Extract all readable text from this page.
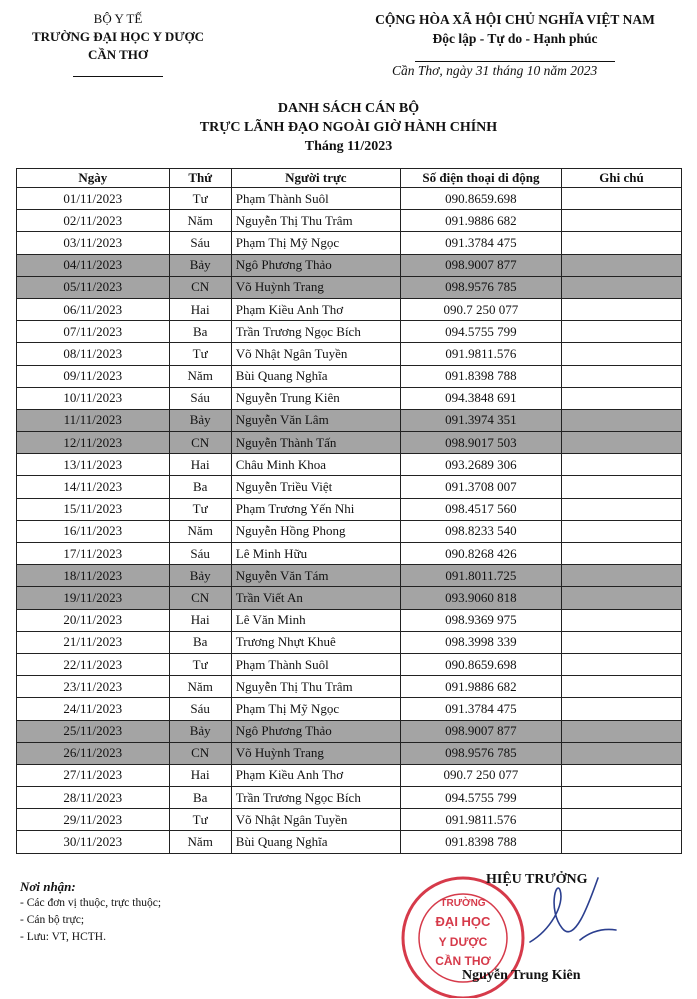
BỘ Y TẾ
TRƯỜNG ĐẠI HỌC Y DƯỢC CẦN THƠ
CỘNG HÒA XÃ HỘI CHỦ NGHĨA VIỆT NAM
Độc lập - Tự do - Hạnh phúc
Cần Thơ, ngày 31 tháng 10 năm 2023
DANH SÁCH CÁN BỘ
TRỰC LÃNH ĐẠO NGOÀI GIỜ HÀNH CHÍNH
Tháng 11/2023
Ngày	Thứ	Người trực	Số điện thoại di động	Ghi chú
01/11/2023	Tư	Phạm Thành Suôl	090.8659.698	
02/11/2023	Năm	Nguyễn Thị Thu Trâm	091.9886 682	
03/11/2023	Sáu	Phạm Thị Mỹ Ngọc	091.3784 475	
04/11/2023	Bảy	Ngô Phương Thảo	098.9007 877	
05/11/2023	CN	Võ Huỳnh Trang	098.9576 785	
06/11/2023	Hai	Phạm Kiều Anh Thơ	090.7 250 077	
07/11/2023	Ba	Trần Trương Ngọc Bích	094.5755 799	
08/11/2023	Tư	Võ Nhật Ngân Tuyền	091.9811.576	
09/11/2023	Năm	Bùi Quang Nghĩa	091.8398 788	
10/11/2023	Sáu	Nguyễn Trung Kiên	094.3848 691	
11/11/2023	Bảy	Nguyễn Văn Lâm	091.3974 351	
12/11/2023	CN	Nguyễn Thành Tấn	098.9017 503	
13/11/2023	Hai	Châu Minh Khoa	093.2689 306	
14/11/2023	Ba	Nguyễn Triều Việt	091.3708 007	
15/11/2023	Tư	Phạm Trương Yến Nhi	098.4517 560	
16/11/2023	Năm	Nguyễn Hồng Phong	098.8233 540	
17/11/2023	Sáu	Lê Minh Hữu	090.8268 426	
18/11/2023	Bảy	Nguyễn Văn Tám	091.8011.725	
19/11/2023	CN	Trần Viết An	093.9060 818	
20/11/2023	Hai	Lê Văn Minh	098.9369 975	
21/11/2023	Ba	Trương Nhựt Khuê	098.3998 339	
22/11/2023	Tư	Phạm Thành Suôl	090.8659.698	
23/11/2023	Năm	Nguyễn Thị Thu Trâm	091.9886 682	
24/11/2023	Sáu	Phạm Thị Mỹ Ngọc	091.3784 475	
25/11/2023	Bảy	Ngô Phương Thảo	098.9007 877	
26/11/2023	CN	Võ Huỳnh Trang	098.9576 785	
27/11/2023	Hai	Phạm Kiều Anh Thơ	090.7 250 077	
28/11/2023	Ba	Trần Trương Ngọc Bích	094.5755 799	
29/11/2023	Tư	Võ Nhật Ngân Tuyền	091.9811.576	
30/11/2023	Năm	Bùi Quang Nghĩa	091.8398 788	
Nơi nhận:
- Các đơn vị thuộc, trực thuộc;
- Cán bộ trực;
- Lưu: VT, HCTH.
TRƯỜNG
ĐẠI HỌC
Y DƯỢC
CẦN THƠ
HIỆU TRƯỞNG
Nguyễn Trung Kiên
